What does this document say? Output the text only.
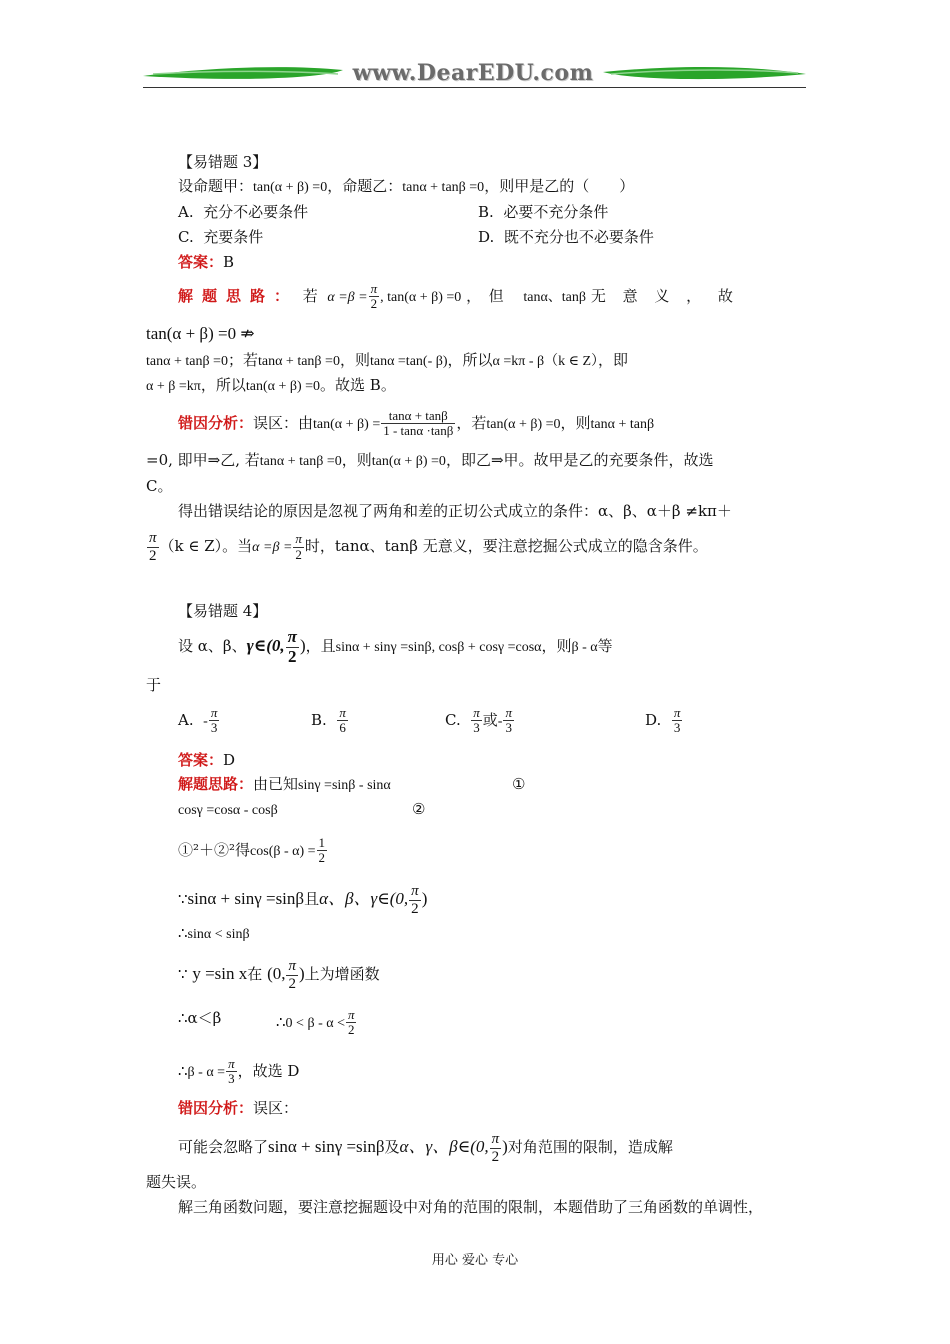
www.DearEDU.com
【易错题 3】
设命题甲：tan(α + β) =0，命题乙：tanα + tanβ =0，则甲是乙的（　　）
A. 充分不必要条件	B. 必要不充分条件
C. 充要条件	D. 既不充分也不必要条件
答案：B
解题思路： 若 $\alpha =\beta = \frac{\pi}{2}$ , tan(α + β) =0 ，　但　 tanα、tanβ 无 意 义 ， 故
tan(α + β) =0 ⇏
tanα + tanβ =0；若tanα + tanβ =0，则tanα =tan(- β)，所以α =kπ - β（k ∈ Z），即
α + β =kπ，所以tan(α + β) =0。故选 B。
错因分析：误区：由$\tan(\alpha + \beta) = \frac{\tan\alpha + \tan\beta}{1 - \tan\alpha \cdot\tan\beta}$ ，若tan(α + β) =0，则tanα + tanβ
=0, 即甲⇒乙, 若tanα + tanβ =0，则tan(α + β) =0，即乙⇒甲。故甲是乙的充要条件，故选
C。
得出错误结论的原因是忽视了两角和差的正切公式成立的条件：α、β、α＋β ≠kπ＋
$\frac{\pi}{2} (k$ ∈ Z）。当$\alpha =\beta = \frac{\pi}{2}$ 时，tanα、tanβ 无意义，要注意挖掘公式成立的隐含条件。
【易错题 4】
设 α、β、γ∈(0, $\frac{\pi}{2}$ )，且sinα + sinγ =sinβ, cosβ + cosγ =cosα，则β - α等
于
A. - $\frac{\pi}{3}$	B. $\frac{\pi}{6}$	C. $\frac{\pi}{3}$ 或- $\frac{\pi}{3}$	D. $\frac{\pi}{3}$
答案：D
解题思路：由已知sinγ =sinβ - sinα	①
cosγ =cosα - cosβ	②
①²＋②²得$\cos(\beta - \alpha) = \frac{1}{2}$
∵sinα + sinγ =sinβ且α、β、γ∈(0, $\frac{\pi}{2}$ )
∴sinα < sinβ
∵ y =sin x在 (0, $\frac{\pi}{2}$ )上为增函数
∴α＜β	∴0 < $\beta - \alpha < \frac{\pi}{2}$
∴β - $\alpha = \frac{\pi}{3}$ ，故选 D
错因分析：误区：
可能会忽略了sinα + sinγ =sinβ及α、γ、β∈(0, $\frac{\pi}{2}$ )对角范围的限制，造成解
题失误。
解三角函数问题，要注意挖掘题设中对角的范围的限制，本题借助了三角函数的单调性，
用心 爱心 专心
